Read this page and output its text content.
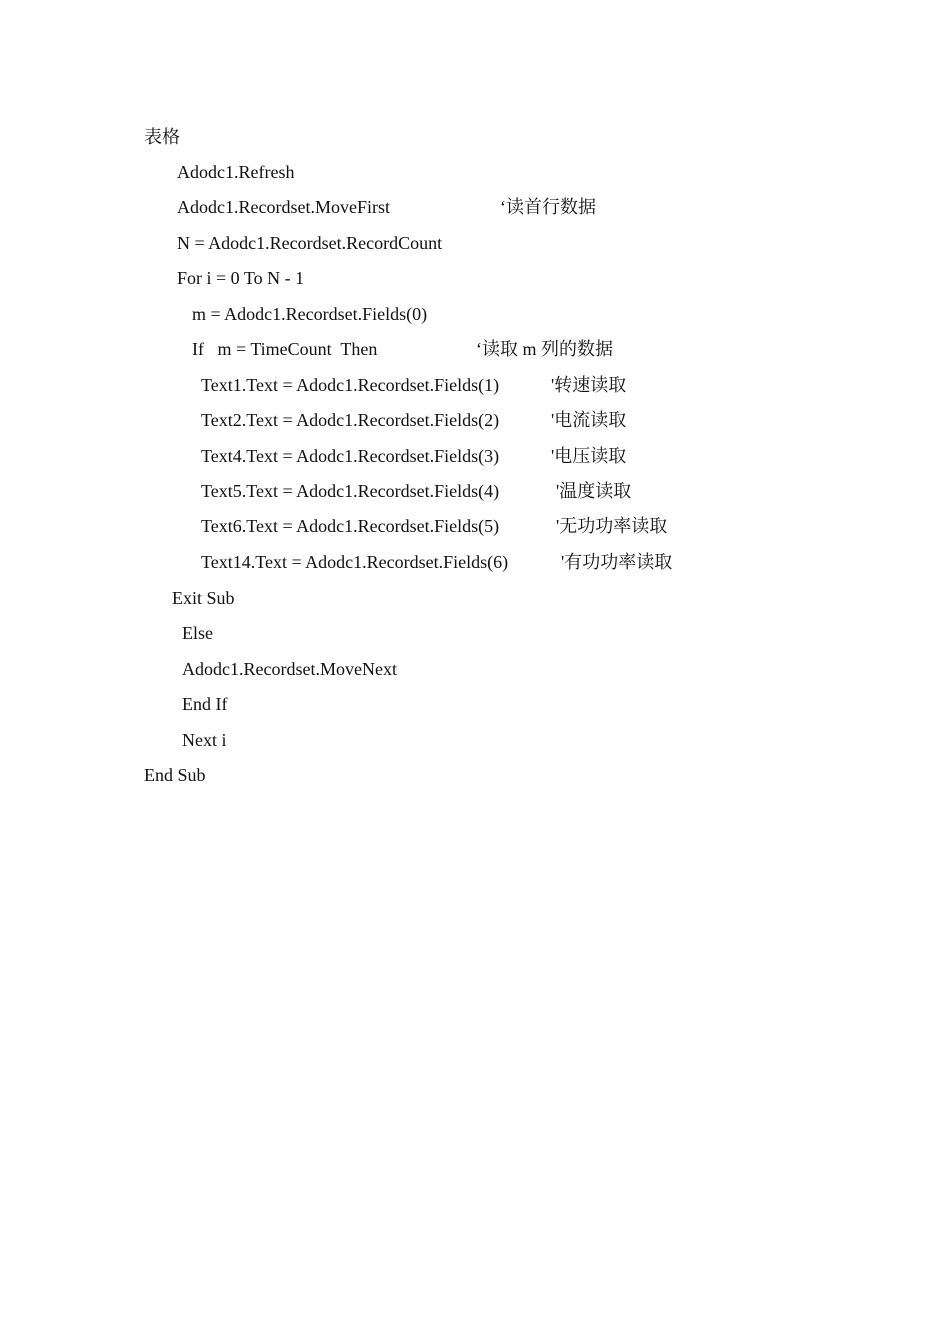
表格
Adodc1.Refresh
Adodc1.Recordset.MoveFirst	‘读首行数据
N = Adodc1.Recordset.RecordCount
For i = 0 To N - 1
m = Adodc1.Recordset.Fields(0)
If   m = TimeCount  Then	‘读取 m 列的数据
Text1.Text = Adodc1.Recordset.Fields(1)	'转速读取
Text2.Text = Adodc1.Recordset.Fields(2)	'电流读取
Text4.Text = Adodc1.Recordset.Fields(3)	'电压读取
Text5.Text = Adodc1.Recordset.Fields(4)	'温度读取
Text6.Text = Adodc1.Recordset.Fields(5)	'无功功率读取
Text14.Text = Adodc1.Recordset.Fields(6)	'有功功率读取
Exit Sub
Else
Adodc1.Recordset.MoveNext
End If
Next i
End Sub
